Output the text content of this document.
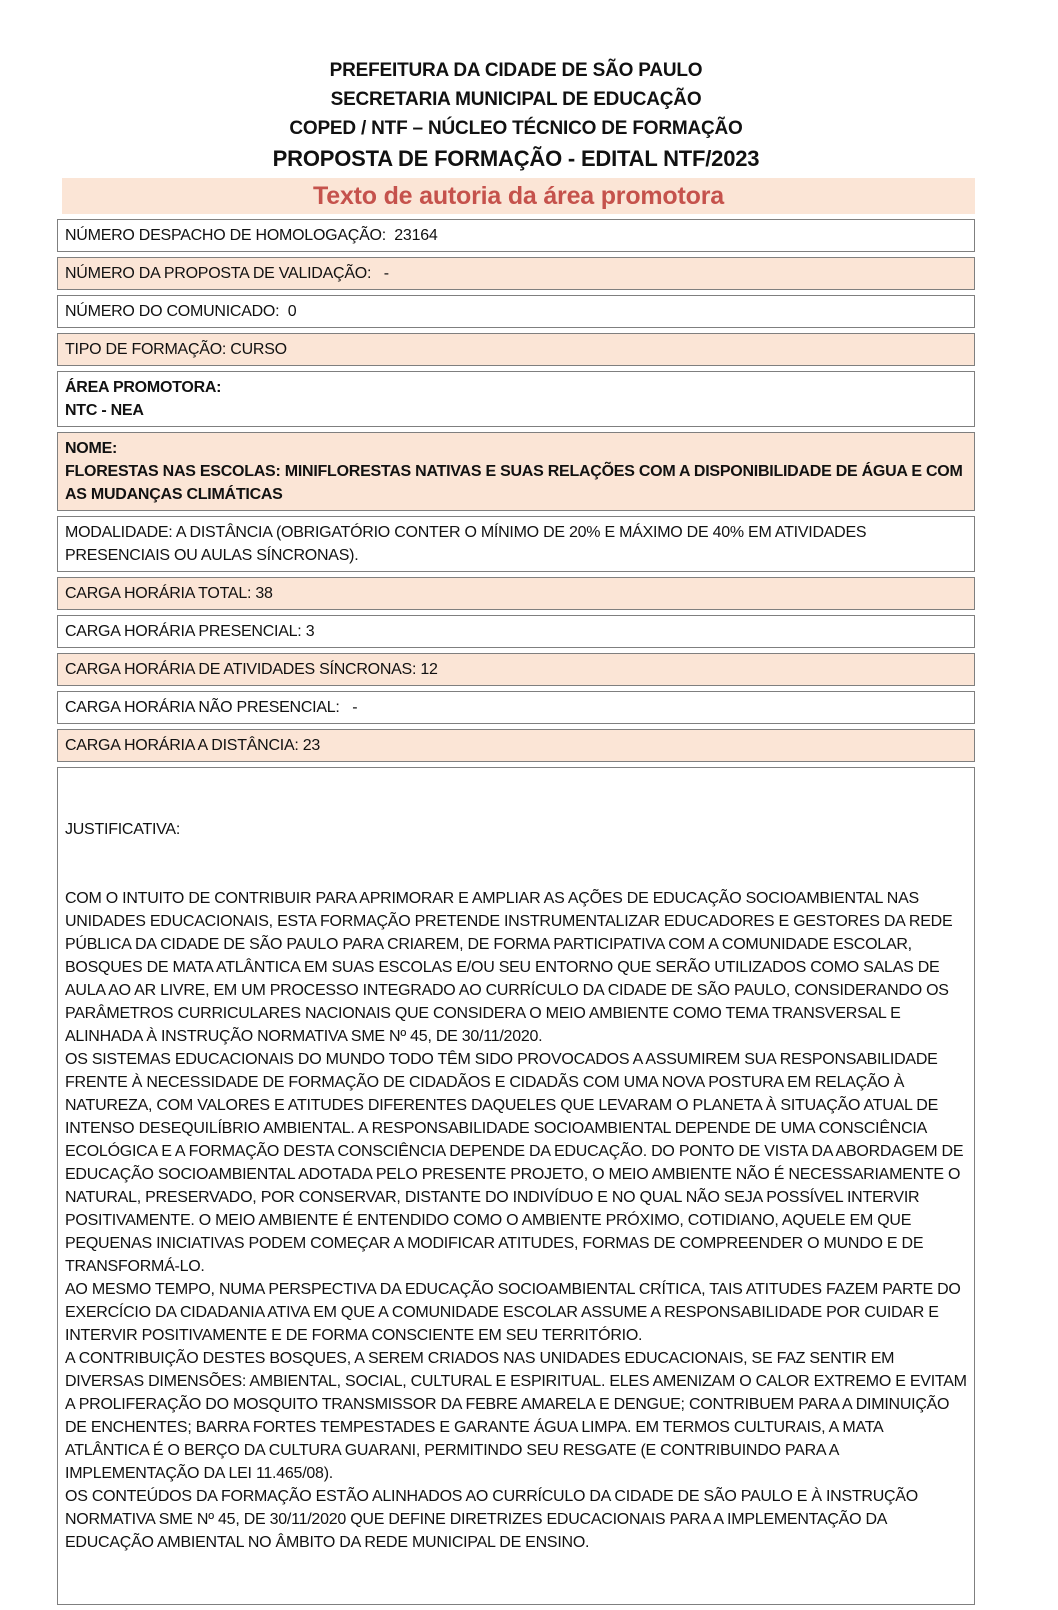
PREFEITURA DA CIDADE DE SÃO PAULO
SECRETARIA MUNICIPAL DE EDUCAÇÃO
COPED / NTF – NÚCLEO TÉCNICO DE FORMAÇÃO
PROPOSTA DE FORMAÇÃO - EDITAL NTF/2023
Texto de autoria da área promotora
NÚMERO DESPACHO DE HOMOLOGAÇÃO:  23164
NÚMERO DA PROPOSTA DE VALIDAÇÃO:   -
NÚMERO DO COMUNICADO:  0
TIPO DE FORMAÇÃO: CURSO
ÁREA PROMOTORA:
NTC - NEA
NOME:
FLORESTAS NAS ESCOLAS: MINIFLORESTAS NATIVAS E SUAS RELAÇÕES COM A DISPONIBILIDADE DE ÁGUA E COM AS MUDANÇAS CLIMÁTICAS
MODALIDADE: A DISTÂNCIA (OBRIGATÓRIO CONTER O MÍNIMO DE 20% E MÁXIMO DE 40% EM ATIVIDADES PRESENCIAIS OU AULAS SÍNCRONAS).
CARGA HORÁRIA TOTAL: 38
CARGA HORÁRIA PRESENCIAL: 3
CARGA HORÁRIA DE ATIVIDADES SÍNCRONAS: 12
CARGA HORÁRIA NÃO PRESENCIAL:   -
CARGA HORÁRIA A DISTÂNCIA: 23

JUSTIFICATIVA:

COM O INTUITO DE CONTRIBUIR PARA APRIMORAR E AMPLIAR AS AÇÕES DE EDUCAÇÃO SOCIOAMBIENTAL NAS UNIDADES EDUCACIONAIS, ESTA FORMAÇÃO PRETENDE INSTRUMENTALIZAR EDUCADORES E GESTORES DA REDE PÚBLICA DA CIDADE DE SÃO PAULO PARA CRIAREM, DE FORMA PARTICIPATIVA COM A COMUNIDADE ESCOLAR, BOSQUES DE MATA ATLÂNTICA EM SUAS ESCOLAS E/OU SEU ENTORNO QUE SERÃO UTILIZADOS COMO SALAS DE AULA AO AR LIVRE, EM UM PROCESSO INTEGRADO AO CURRÍCULO DA CIDADE DE SÃO PAULO, CONSIDERANDO OS PARÂMETROS CURRICULARES NACIONAIS QUE CONSIDERA O MEIO AMBIENTE COMO TEMA TRANSVERSAL E ALINHADA À INSTRUÇÃO NORMATIVA SME Nº 45, DE 30/11/2020.
OS SISTEMAS EDUCACIONAIS DO MUNDO TODO TÊM SIDO PROVOCADOS A ASSUMIREM SUA RESPONSABILIDADE FRENTE À NECESSIDADE DE FORMAÇÃO DE CIDADÃOS E CIDADÃS COM UMA NOVA POSTURA EM RELAÇÃO À NATUREZA, COM VALORES E ATITUDES DIFERENTES DAQUELES QUE LEVARAM O PLANETA À SITUAÇÃO ATUAL DE INTENSO DESEQUILÍBRIO AMBIENTAL. A RESPONSABILIDADE SOCIOAMBIENTAL DEPENDE DE UMA CONSCIÊNCIA ECOLÓGICA E A FORMAÇÃO DESTA CONSCIÊNCIA DEPENDE DA EDUCAÇÃO. DO PONTO DE VISTA DA ABORDAGEM DE EDUCAÇÃO SOCIOAMBIENTAL ADOTADA PELO PRESENTE PROJETO, O MEIO AMBIENTE NÃO É NECESSARIAMENTE O NATURAL, PRESERVADO, POR CONSERVAR, DISTANTE DO INDIVÍDUO E NO QUAL NÃO SEJA POSSÍVEL INTERVIR POSITIVAMENTE. O MEIO AMBIENTE É ENTENDIDO COMO O AMBIENTE PRÓXIMO, COTIDIANO, AQUELE EM QUE PEQUENAS INICIATIVAS PODEM COMEÇAR A MODIFICAR ATITUDES, FORMAS DE COMPREENDER O MUNDO E DE TRANSFORMÁ-LO.
AO MESMO TEMPO, NUMA PERSPECTIVA DA EDUCAÇÃO SOCIOAMBIENTAL CRÍTICA, TAIS ATITUDES FAZEM PARTE DO EXERCÍCIO DA CIDADANIA ATIVA EM QUE A COMUNIDADE ESCOLAR ASSUME A RESPONSABILIDADE POR CUIDAR E INTERVIR POSITIVAMENTE E DE FORMA CONSCIENTE EM SEU TERRITÓRIO.
A CONTRIBUIÇÃO DESTES BOSQUES, A SEREM CRIADOS NAS UNIDADES EDUCACIONAIS, SE FAZ SENTIR EM DIVERSAS DIMENSÕES: AMBIENTAL, SOCIAL, CULTURAL E ESPIRITUAL. ELES AMENIZAM O CALOR EXTREMO E EVITAM A PROLIFERAÇÃO DO MOSQUITO TRANSMISSOR DA FEBRE AMARELA E DENGUE; CONTRIBUEM PARA A DIMINUIÇÃO DE ENCHENTES; BARRA FORTES TEMPESTADES E GARANTE ÁGUA LIMPA. EM TERMOS CULTURAIS, A MATA ATLÂNTICA É O BERÇO DA CULTURA GUARANI, PERMITINDO SEU RESGATE (E CONTRIBUINDO PARA A IMPLEMENTAÇÃO DA LEI 11.465/08).
OS CONTEÚDOS DA FORMAÇÃO ESTÃO ALINHADOS AO CURRÍCULO DA CIDADE DE SÃO PAULO E À INSTRUÇÃO NORMATIVA SME Nº 45, DE 30/11/2020 QUE DEFINE DIRETRIZES EDUCACIONAIS PARA A IMPLEMENTAÇÃO DA EDUCAÇÃO AMBIENTAL NO ÂMBITO DA REDE MUNICIPAL DE ENSINO.
